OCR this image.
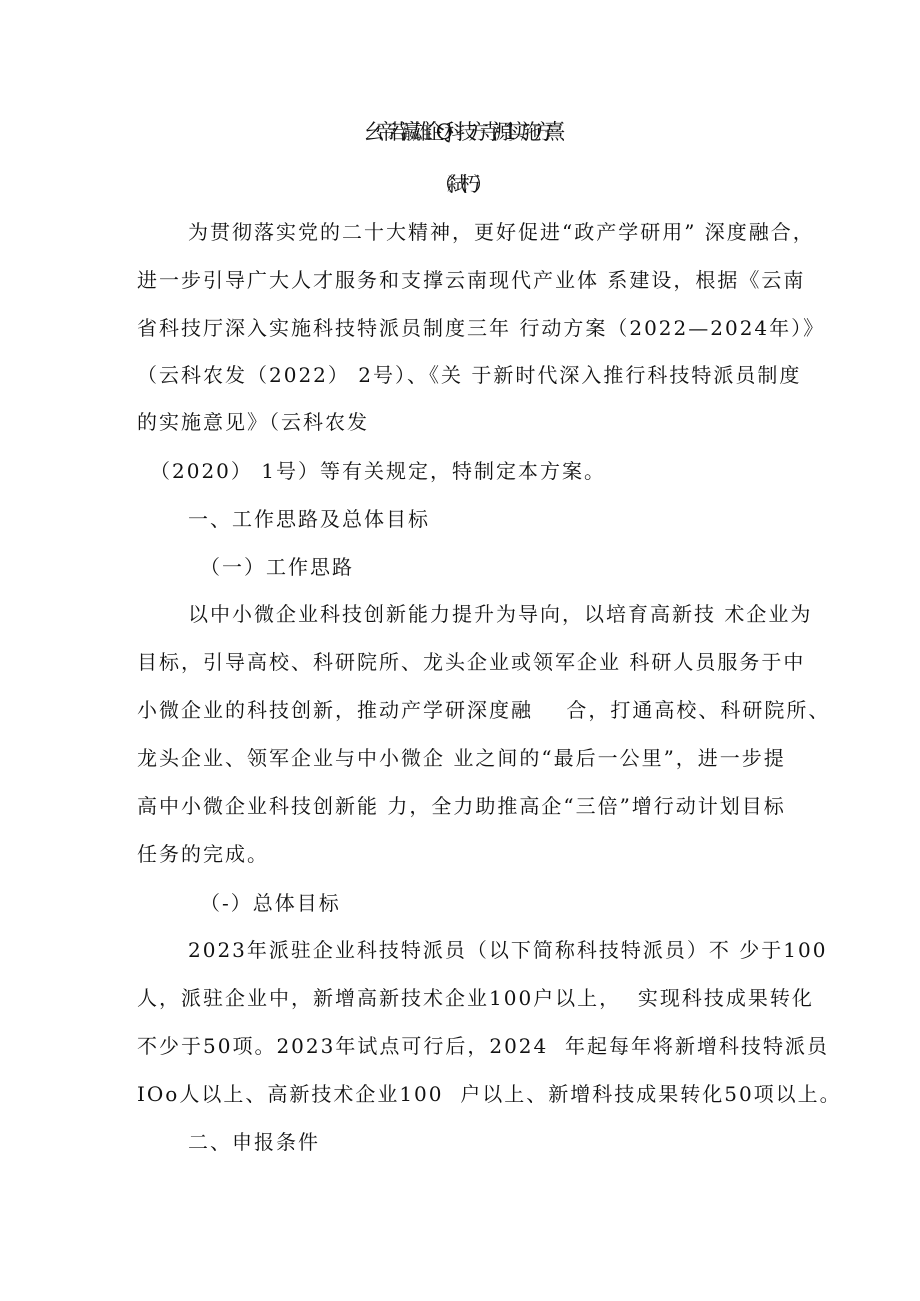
幺帝若瀛雄企Q科技方寺源1实施方熹
（弑朽）
为贯彻落实党的二十大精神，更好促进“政产学研用” 深度融合，
进一步引导广大人才服务和支撑云南现代产业体 系建设，根据《云南
省科技厅深入实施科技特派员制度三年 行动方案（2022—2024年）》
（云科农发（2022） 2号）、《关 于新时代深入推行科技特派员制度
的实施意见》（云科农发
（2020） 1号）等有关规定，特制定本方案。
一、工作思路及总体目标
（一）工作思路
以中小微企业科技创新能力提升为导向，以培育高新技 术企业为
目标，引导高校、科研院所、龙头企业或领军企业 科研人员服务于中
小微企业的科技创新，推动产学研深度融    合，打通高校、科研院所、
龙头企业、领军企业与中小微企 业之间的“最后一公里”，进一步提
高中小微企业科技创新能 力，全力助推高企“三倍”增行动计划目标
任务的完成。
（-）总体目标
2023年派驻企业科技特派员（以下简称科技特派员）不 少于100
人，派驻企业中，新增高新技术企业100户以上，  实现科技成果转化
不少于50项。2023年试点可行后，2024  年起每年将新增科技特派员
IOo人以上、高新技术企业100  户以上、新增科技成果转化50项以上。
二、申报条件
